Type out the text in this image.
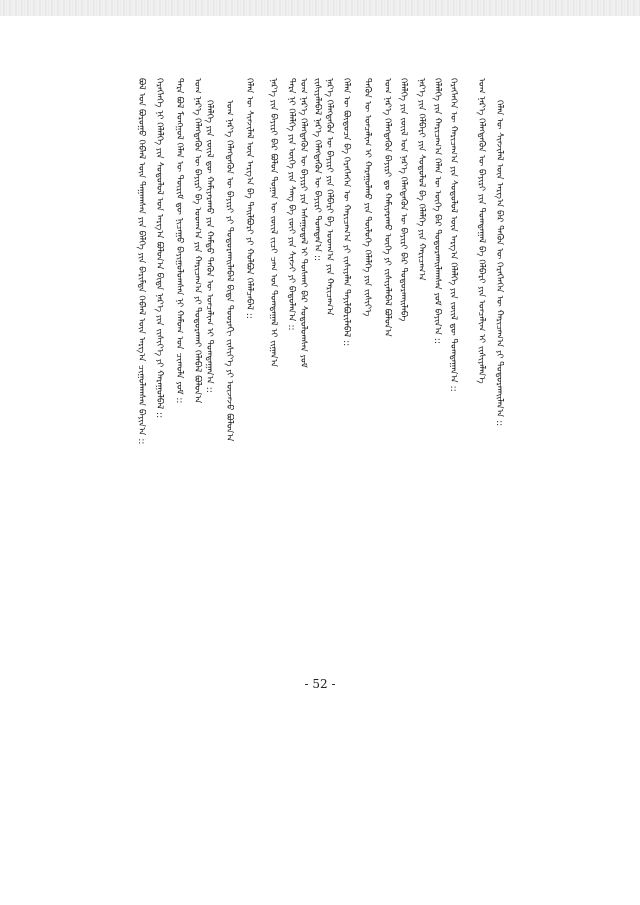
ᠪᠣᠯ ᠤᠨ ᠪᠣᠷᠤᠭᠤ ᠬᠡᠪᠯᠡᠯ ᠦᠨ ᠳᠠᠭᠠᠭᠰᠠᠨ ᠶᠢᠨ ᠪᠡᠯᠭᠡ ᠶᠢᠨ ᠪᠠᠷᠢᠮᠲᠠ ᠬᠡᠪᠯᠡᠯ ᠦᠨ ᠠᠷᠭ᠎ᠠ ᠴᠢᠭᠤᠯᠠᠭᠰᠠᠨ ᠪᠠᠶᠢᠨ᠎ᠠ :: ᠬᠡᠷᠡᠭᠯᠡᠭᠡ ᠨᠢ ᠬᠡᠯᠡᠯᠭᠡ ᠶᠢᠨ ᠰᠤᠳᠤᠯᠤᠯ ᠤᠨ ᠠᠷᠭ᠎ᠠ ᠪᠣᠯᠤᠨ᠎ᠠ ᠪᠢᠳᠡ ᠨᠡᠷ᠎ᠡ ᠶᠢᠨ ᠵᠢᠱᠢᠶ᠎ᠡ ᠶᠢ ᠬᠠᠷᠠᠭᠤᠯᠪᠠᠯ :: ᠲᠡᠷᠡ ᠪᠣᠯ ᠮᠣᠩᠭᠣᠯ ᠬᠡᠯᠡᠨ ᠦ ᠳᠦᠷᠢᠮ ᠳᠦ ᠨᠢᠴᠠᠭᠤ ᠪᠠᠶᠢᠭᠤᠯᠤᠭᠰᠠᠨ ᠨᠢ ᠬᠠᠮᠤᠭ ᠤᠨ ᠴᠢᠬᠤᠯᠠ ᠶᠤᠮ :: ᠤᠭ ᠨᠡᠷ᠎ᠡ ᠬᠡᠯᠡᠭᠳᠡᠬᠦᠨ ᠦ ᠪᠠᠶᠢᠷᠢ ᠪᠠ ᠤᠳᠬ᠎ᠠ ᠶᠢᠨ ᠬᠠᠷᠢᠴᠠᠭ᠎ᠠ ᠶᠢ ᠲᠣᠳᠣᠷᠠᠬᠠᠢ ᠬᠡᠯᠡᠪᠡᠯ ᠪᠣᠯᠤᠨ᠎ᠠ ᠬᠡᠯᠡᠯᠭᠡ ᠶᠢᠨ ᠵᠦᠢᠯ ᠳᠦ ᠬᠠᠮᠢᠶᠠᠷᠠᠬᠤ ᠶᠢᠨ ᠬᠠᠮᠲᠤ ᠲᠡᠭᠦᠨ ᠦ ᠣᠨᠴᠠᠯᠢᠭ ᠢ ᠲᠣᠭᠲᠠᠭᠠᠨ᠎ᠠ :: ᠤᠭ ᠨᠡᠷ᠎ᠡ ᠬᠡᠯᠡᠭᠳᠡᠬᠦᠨ ᠦ ᠪᠠᠶᠢᠷᠢ ᠶᠢ ᠲᠣᠳᠣᠷᠬᠠᠢᠯᠠᠪᠠᠯ ᠪᠢᠳᠡ ᠳᠣᠣᠷᠠᠬᠢ ᠵᠢᠱᠢᠶ᠎ᠡ ᠶᠢ ᠦᠵᠡᠵᠦ ᠪᠣᠯᠤᠨ᠎ᠠ ᠬᠡᠯᠡᠨ ᠦ ᠰᠢᠨᠵᠢᠯᠡᠯ ᠦᠨ ᠠᠷᠭ᠎ᠠ ᠪᠠ ᠲᠠᠢᠯᠪᠤᠷᠢ ᠶᠢ ᠬᠣᠯᠪᠣᠨ ᠬᠡᠯᠡᠯᠴᠡᠪᠡᠯ :: ᠨᠡᠷ᠎ᠡ ᠶᠢᠨ ᠪᠠᠶᠢᠷᠢ ᠪᠠᠷ ᠪᠣᠯᠤᠨ ᠲᠣᠭᠠᠨ ᠦ ᠵᠦᠢᠯ ᠵᠢᠴᠢ ᠴᠠᠭ ᠤᠨ ᠲᠣᠭᠲᠠᠭᠠᠯ ᠢ ᠵᠢᠭᠠᠨ᠎ᠠ ᠲᠡᠷᠡ ᠨᠢ ᠬᠡᠯᠡᠯᠭᠡ ᠶᠢᠨ ᠦᠭᠡ ᠶᠢᠨ ᠰᠠᠩ ᠪᠠ ᠵᠦᠢ ᠶᠢᠨ ᠰᠢᠨᠵᠢ ᠶᠢ ᠪᠠᠳᠤᠯᠠᠨ᠎ᠠ :: ᠤᠭ ᠨᠡᠷ᠎ᠡ ᠬᠡᠯᠡᠭᠳᠡᠬᠦᠨ ᠦ ᠪᠠᠶᠢᠷᠢ ᠶᠢᠨ ᠠᠰᠠᠭᠤᠳᠠᠯ ᠢ ᠲᠤᠰᠬᠠᠢ ᠪᠡᠷ ᠰᠤᠳᠤᠯᠤᠭᠰᠠᠨ ᠶᠤᠮ ᠵᠢᠱᠢᠶᠡᠯᠡᠪᠡᠯ ᠨᠡᠷ᠎ᠡ ᠬᠡᠯᠡᠭᠳᠡᠬᠦᠨ ᠦ ᠪᠠᠶᠢᠷᠢ ᠲᠣᠭᠲᠠᠨ᠎ᠠ :: ᠨᠡᠷ᠎ᠡ ᠬᠡᠯᠡᠭᠳᠡᠬᠦᠨ ᠦ ᠪᠠᠶᠢᠷᠢ ᠶᠢᠨ ᠬᠡᠯᠪᠡᠷᠢ ᠪᠠ ᠤᠳᠬ᠎ᠠ ᠶᠢᠨ ᠬᠠᠷᠢᠴᠠᠭ᠎ᠠ ᠬᠡᠯᠡᠨ ᠦ ᠪᠦᠲᠦᠴᠡ ᠪᠠ ᠬᠡᠷᠡᠭᠯᠡᠭᠡᠨ ᠦ ᠬᠠᠷᠢᠴᠠᠭ᠎ᠠ ᠶᠢ ᠵᠢᠱᠢᠶᠡᠯᠡᠨ ᠲᠠᠶᠢᠯᠪᠤᠷᠢᠯᠠᠪᠠᠯ :: ᠲᠡᠭᠦᠨ ᠦ ᠣᠨᠴᠠᠯᠢᠭ ᠢ ᠬᠠᠷᠠᠭᠤᠯᠬᠤ ᠶᠢᠨ ᠲᠥᠯᠥᠭᠡ ᠬᠡᠯᠡᠯᠭᠡ ᠶᠢᠨ ᠵᠢᠱᠢᠶ᠎ᠡ ᠤᠭ ᠨᠡᠷ᠎ᠡ ᠬᠡᠯᠡᠭᠳᠡᠬᠦᠨ ᠪᠠᠶᠢᠷᠢ ᠳᠤ ᠬᠠᠮᠢᠶᠠᠷᠠᠬᠤ ᠦᠭᠡ ᠶᠢ ᠵᠢᠱᠢᠶᠡᠯᠡᠪᠡᠯ ᠪᠣᠯᠤᠨ᠎ᠠ ᠬᠡᠯᠡᠯᠭᠡ ᠶᠢᠨ ᠵᠦᠢᠯ ᠤᠨ ᠨᠡᠷ᠎ᠡ ᠬᠡᠯᠡᠭᠳᠡᠬᠦᠨ ᠦ ᠪᠠᠶᠢᠷᠢ ᠪᠠᠷ ᠲᠣᠳᠣᠷᠬᠠᠢᠯᠠᠪᠠ ᠨᠡᠷ᠎ᠡ ᠶᠢᠨ ᠬᠡᠯᠪᠡᠷᠢ ᠶᠢᠨ ᠰᠤᠳᠤᠯᠤᠯ ᠪᠠ ᠬᠡᠯᠡᠯᠭᠡ ᠶᠢᠨ ᠬᠠᠷᠢᠴᠠᠭ᠎ᠠ ᠬᠡᠯᠡᠯᠭᠡ ᠶᠢᠨ ᠬᠠᠷᠢᠴᠠᠭ᠎ᠠ ᠬᠡᠯᠡᠨ ᠦ ᠦᠭᠡ ᠪᠠᠷ ᠲᠣᠳᠣᠷᠬᠠᠢᠯᠠᠭᠰᠠᠨ ᠶᠤᠮ ᠪᠠᠶᠢᠨ᠎ᠠ :: ᠬᠡᠷᠡᠭᠯᠡᠭᠡᠨ ᠦ ᠬᠠᠷᠢᠴᠠᠭ᠎ᠠ ᠶᠢᠨ ᠰᠤᠳᠤᠯᠤᠯ ᠦᠨ ᠠᠷᠭ᠎ᠠ ᠬᠡᠯᠡᠯᠭᠡ ᠶᠢᠨ ᠵᠦᠢᠯ ᠳᠦ ᠲᠣᠭᠲᠠᠭᠠᠨ᠎ᠠ :: ᠤᠭ ᠨᠡᠷ᠎ᠡ ᠬᠡᠯᠡᠭᠳᠡᠬᠦᠨ ᠦ ᠪᠠᠶᠢᠷᠢ ᠶᠢᠨ ᠲᠣᠭᠲᠠᠭᠠᠯ ᠪᠠ ᠬᠡᠯᠪᠡᠷᠢ ᠶᠢᠨ ᠣᠨᠴᠠᠯᠢᠭ ᠢ ᠵᠢᠱᠢᠶᠡᠯᠡᠨ᠎ᠡ ᠬᠡᠯᠡᠨ ᠦ ᠰᠢᠨᠵᠢᠯᠡᠯ ᠦᠨ ᠠᠷᠭ᠎ᠠ ᠪᠠᠷ ᠲᠡᠭᠦᠨ ᠦ ᠬᠡᠷᠡᠭᠯᠡᠭᠡᠨ ᠦ ᠬᠠᠷᠢᠴᠠᠭ᠎ᠠ ᠶᠢ ᠲᠣᠳᠣᠷᠬᠠᠢᠯᠠᠨ᠎ᠠ ::
- 52 -
